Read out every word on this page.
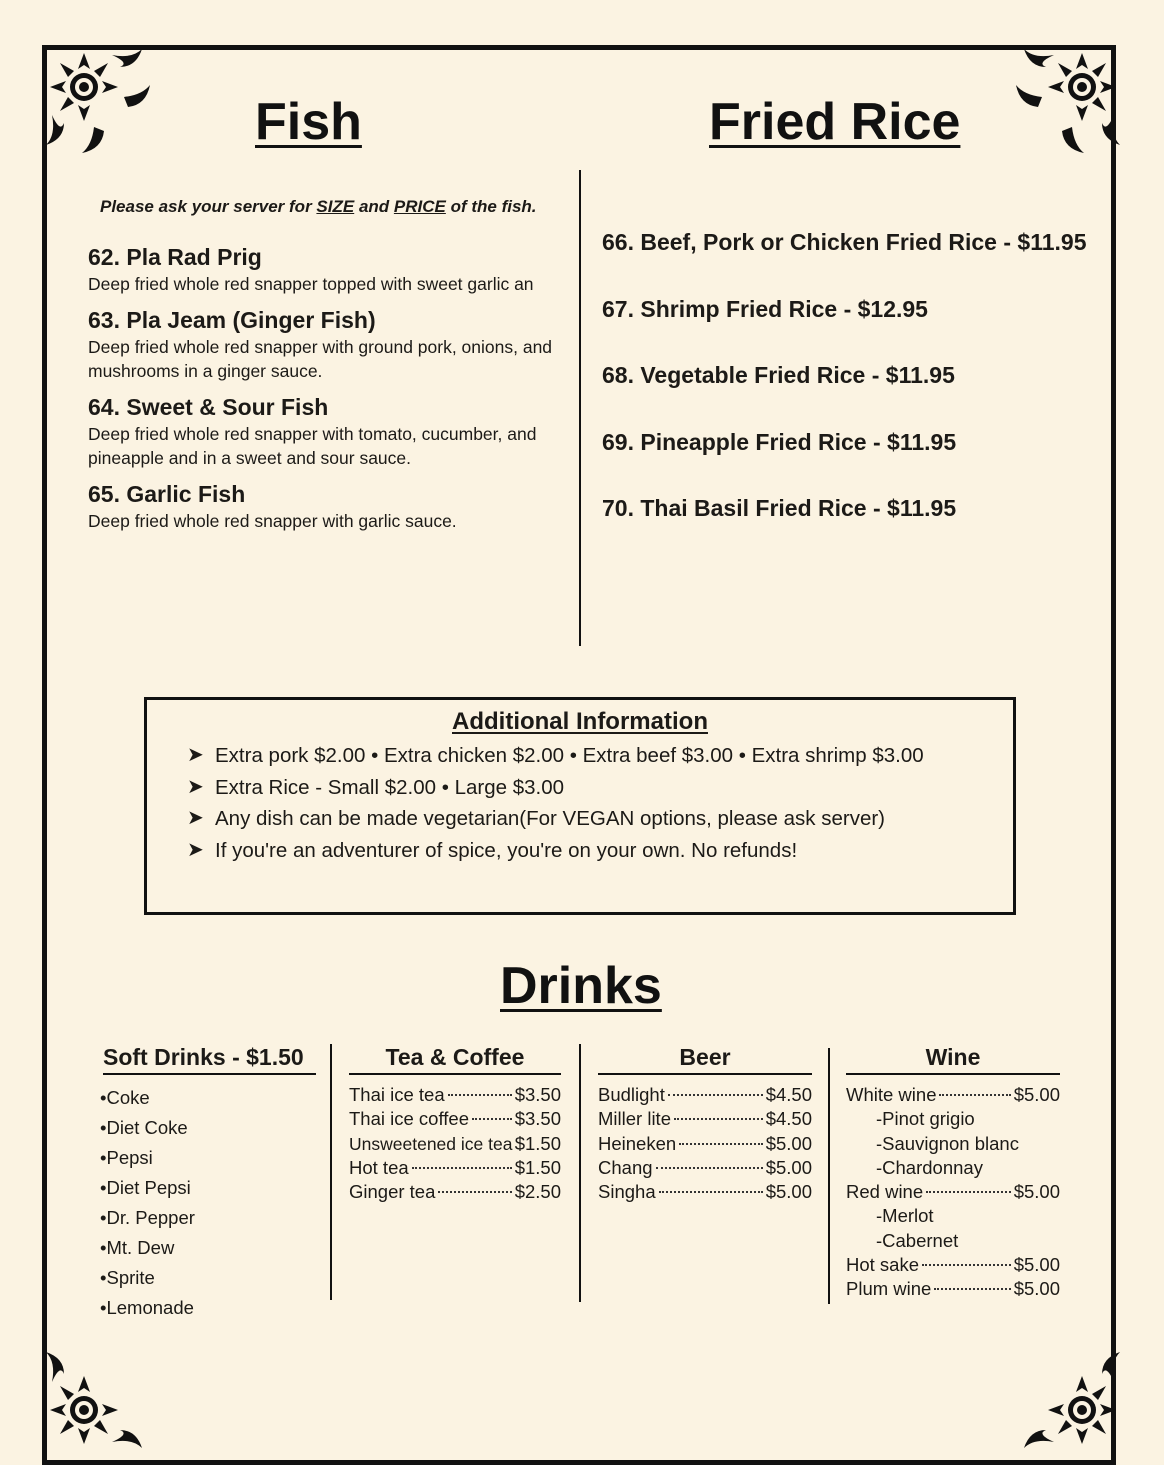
Fish
Please ask your server for SIZE and PRICE of the fish.
62. Pla Rad Prig
Deep fried whole red snapper topped with sweet garlic an
63. Pla Jeam (Ginger Fish)
Deep fried whole red snapper with ground pork, onions, and mushrooms in a ginger sauce.
64. Sweet & Sour Fish
Deep fried whole red snapper with tomato, cucumber, and pineapple and in a sweet and sour sauce.
65. Garlic Fish
Deep fried whole red snapper with garlic sauce.
Fried Rice
66. Beef, Pork or Chicken Fried Rice - $11.95
67. Shrimp Fried Rice - $12.95
68. Vegetable Fried Rice - $11.95
69. Pineapple Fried Rice - $11.95
70. Thai Basil Fried Rice - $11.95
Additional Information
➤ Extra pork $2.00 • Extra chicken $2.00 • Extra beef $3.00 • Extra shrimp $3.00
➤ Extra Rice - Small $2.00 • Large $3.00
➤ Any dish can be made vegetarian(For VEGAN options, please ask server)
➤ If you're an adventurer of spice, you're on your own. No refunds!
Drinks
Soft Drinks - $1.50
•Coke
•Diet Coke
•Pepsi
•Diet Pepsi
•Dr. Pepper
•Mt. Dew
•Sprite
•Lemonade
Tea & Coffee
Thai ice tea	$3.50
Thai ice coffee $3.50
Unsweetened ice tea $1.50
Hot tea	$1.50
Ginger tea	$2.50
Beer
Budlight	$4.50
Miller lite	$4.50
Heineken	$5.00
Chang	$5.00
Singha	$5.00
Wine
White wine	$5.00
-Pinot grigio
-Sauvignon blanc
-Chardonnay
Red wine	$5.00
-Merlot
-Cabernet
Hot sake	$5.00
Plum wine	$5.00
